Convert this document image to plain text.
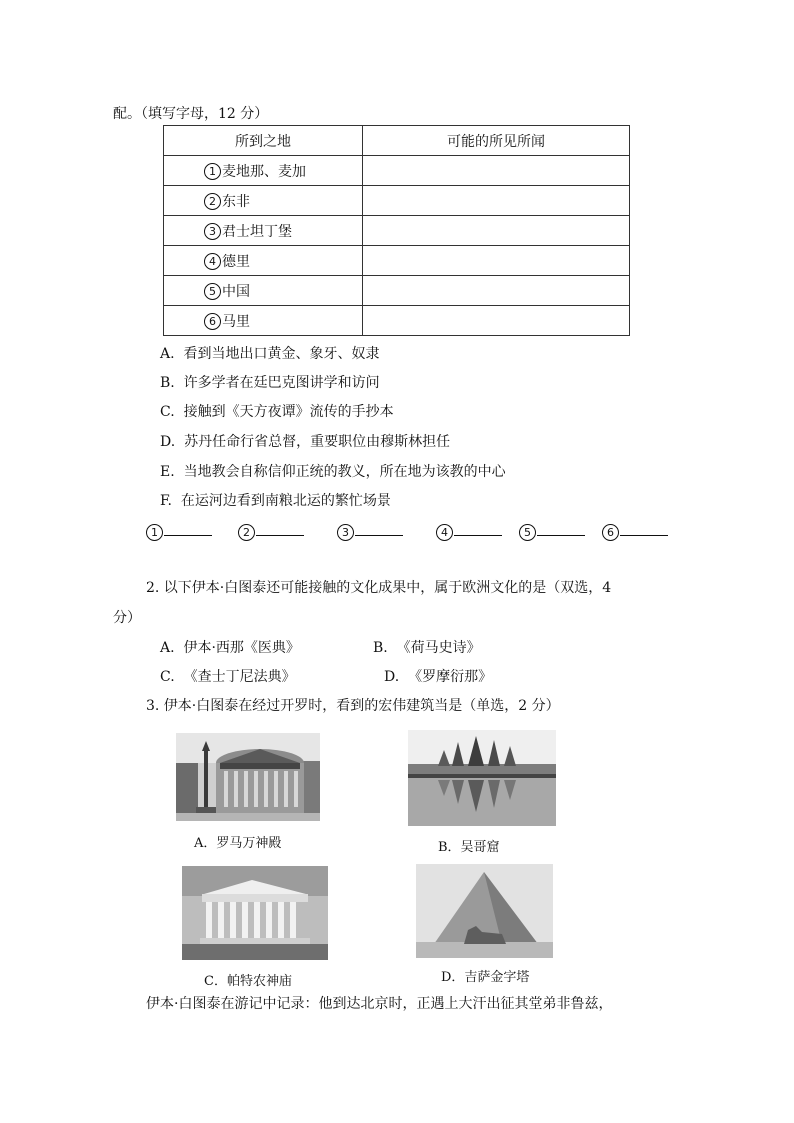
配。（填写字母，12 分）
所到之地	可能的所见所闻
1 麦地那、麦加	
2 东非	
3 君士坦丁堡	
4 德里	
5 中国	
6 马里	
A. 看到当地出口黄金、象牙、奴隶
B. 许多学者在廷巴克图讲学和访问
C. 接触到《天方夜谭》流传的手抄本
D. 苏丹任命行省总督，重要职位由穆斯林担任
E. 当地教会自称信仰正统的教义，所在地为该教的中心
F. 在运河边看到南粮北运的繁忙场景
1	2	3	4	5	6
2. 以下伊本·白图泰还可能接触的文化成果中，属于欧洲文化的是（双选，4
分）
A. 伊本·西那《医典》	B. 《荷马史诗》
C. 《查士丁尼法典》	D. 《罗摩衍那》
3. 伊本·白图泰在经过开罗时，看到的宏伟建筑当是（单选，2 分）
A．罗马万神殿	B．吴哥窟
C．帕特农神庙	D．吉萨金字塔
伊本·白图泰在游记中记录：他到达北京时，正遇上大汗出征其堂弟非鲁兹，
